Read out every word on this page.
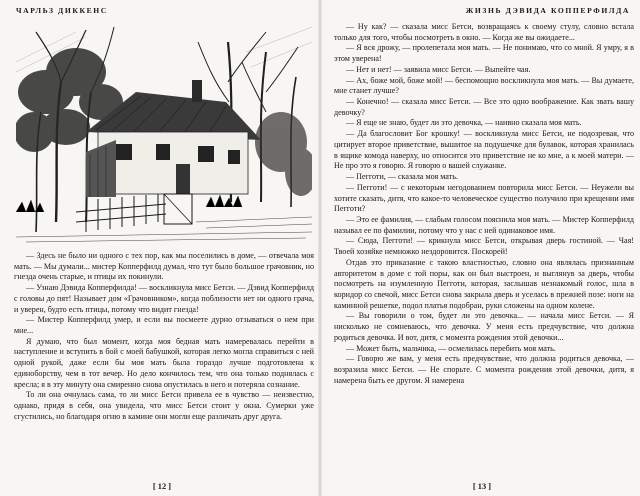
ЧАРЛЬЗ ДИККЕНС

— Здесь не было ни одного с тех пор, как мы поселились в доме, — отвечала моя мать. — Мы думали... мистер Копперфилд думал, что тут было большое грачовник, но гнезда очень старые, и птицы их покинули.

— Узнаю Дэвида Копперфилда! — воскликнула мисс Бетси. — Дэвид Копперфилд с головы до пят! Называет дом «Грачовником», когда поблизости нет ни одного грача, и уверен, будто есть птицы, потому что видит гнезда!

— Мистер Копперфилд умер, и если вы посмеете дурно отзываться о нем при мне...

Я думаю, что был момент, когда моя бедная мать намеревалась перейти в наступление и вступить в бой с моей бабушкой, которая легко могла справиться с ней одной рукой, даже если бы моя мать была гораздо лучше подготовлена к единоборству, чем в тот вечер. Но дело кончилось тем, что она только поднялась с кресла; я в эту минуту она смиренно снова опустилась в него и потеряла сознание.

То ли она очнулась сама, то ли мисс Бетси привела ее в чувство — неизвестно, однако, придя в себя, она увидела, что мисс Бетси стоит у окна. Сумерки уже сгустились, но благодаря огню в камине они могли еще различать друг друга.

[ 12 ]
ЖИЗНЬ ДЭВИДА КОППЕРФИЛДА

— Ну как? — сказала мисс Бетси, возвращаясь к своему стулу, словно встала только для того, чтобы посмотреть в окно. — Когда же вы ожидаете...

— Я вся дрожу, — пролепетала моя мать. — Не понимаю, что со мной. Я умру, я в этом уверена!

— Нет и нет! — заявила мисс Бетси. — Выпейте чая.

— Ах, боже мой, боже мой! — беспомощно воскликнула моя мать. — Вы думаете, мне станет лучше?

— Конечно! — сказала мисс Бетси. — Все это одно воображение. Как звать вашу девочку?

— Я еще не знаю, будет ли это девочка, — наивно сказала моя мать.

— Да благословит Бог крошку! — воскликнула мисс Бетси, не подозревая, что цитирует второе приветствие, вышитое на подушечке для булавок, которая хранилась в ящике комода наверху, но относится это приветствие не ко мне, а к моей матери. — Не про это я говорю. Я говорю о вашей служанке.

— Пегготи, — сказала моя мать.

— Пегготи! — с некоторым негодованием повторила мисс Бетси. — Неужели вы хотите сказать, дитя, что какое-то человеческое существо получило при крещении имя Пегготи?

— Это ее фамилия, — слабым голосом пояснила моя мать. — Мистер Копперфилд называл ее по фамилии, потому что у нас с ней одинаковое имя.

— Сюда, Пегготи! — крикнула мисс Бетси, открывая дверь гостиной. — Чая! Твоей хозяйке немножко нездоровится. Поскорей!

Отдав это приказание с такою властностью, словно она являлась признанным авторитетом в доме с той поры, как он был выстроен, и выглянув за дверь, чтобы посмотреть на изумленную Пегготи, которая, заслышав незнакомый голос, шла в коридор со свечой, мисс Бетси снова закрыла дверь и уселась в прежней позе: ноги на каминной решетке, подол платья подобран, руки сложены на одном колене.

— Вы говорили о том, будет ли это девочка... — начала мисс Бетси. — Я нисколько не сомневаюсь, что девочка. У меня есть предчувствие, что должна родиться девочка. И вот, дитя, с момента рождения этой девочки...

— Может быть, мальчика, — осмелилась перебить моя мать.

— Говорю же вам, у меня есть предчувствие, что должна родиться девочка, — возразила мисс Бетси. — Не спорьте. С момента рождения этой девочки, дитя, я намерена быть ее другом. Я намерена

[ 13 ]
